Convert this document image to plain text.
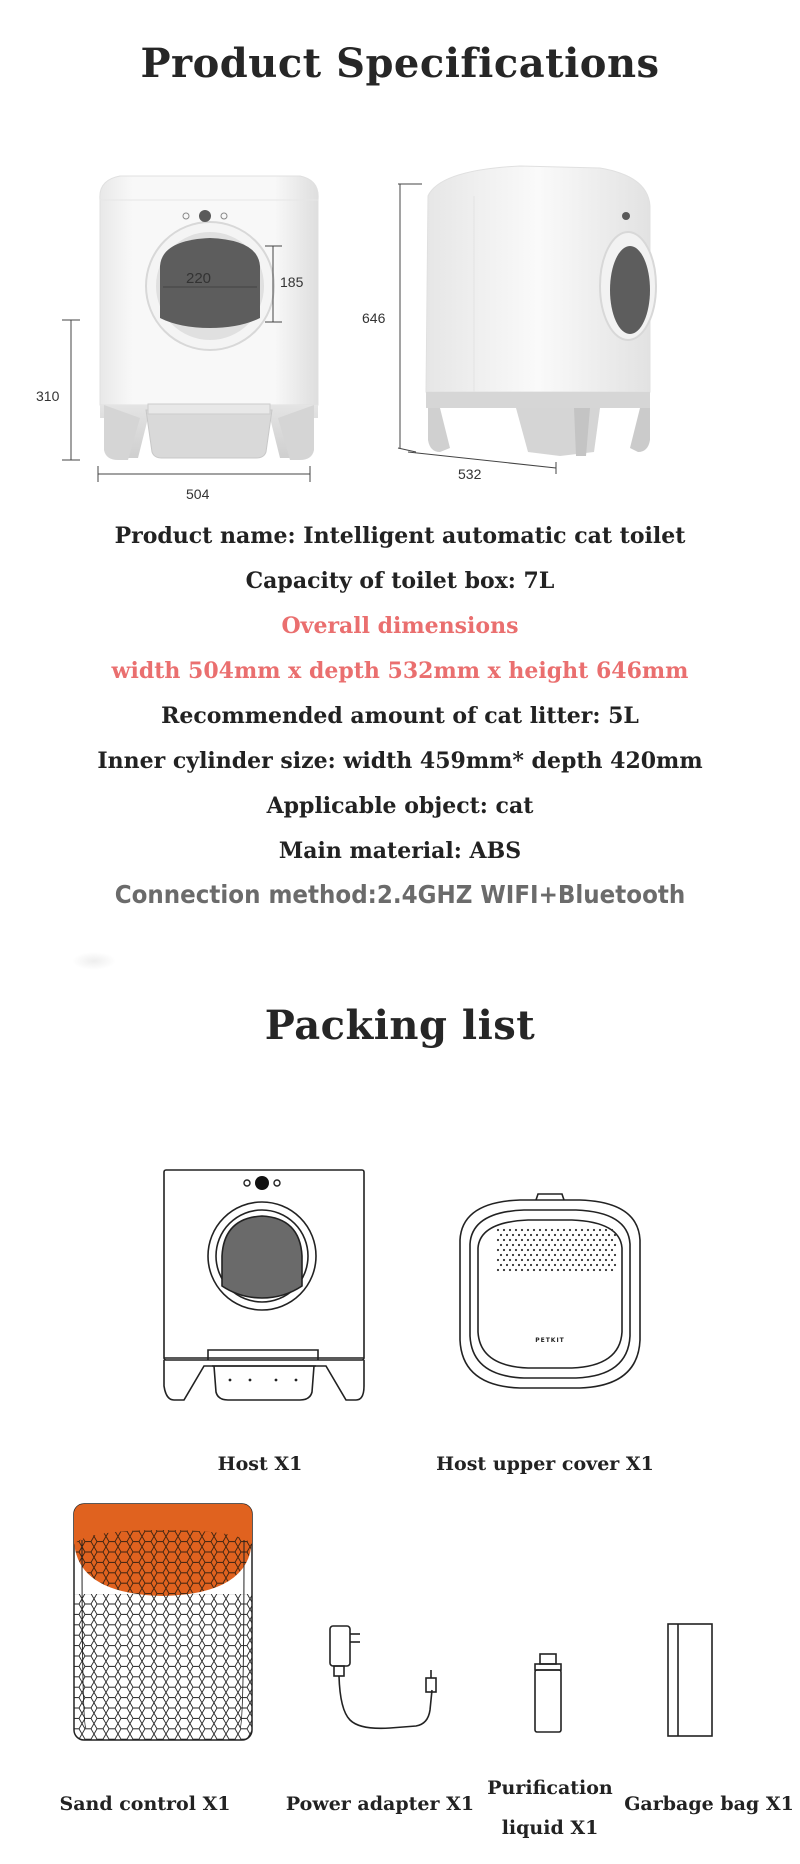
Product Specifications
220	185
310
504
646
532
Product name: Intelligent automatic cat toilet
Capacity of toilet box: 7L
Overall dimensions
width 504mm x depth 532mm x height 646mm
Recommended amount of cat litter: 5L
Inner cylinder size: width 459mm* depth 420mm
Applicable object: cat
Main material: ABS
Connection method:2.4GHZ WIFI+Bluetooth
Packing list
Host X1
PETKIT
Host upper cover X1
Sand control X1	Power adapter X1
Purification
liquid X1
Garbage bag X1
